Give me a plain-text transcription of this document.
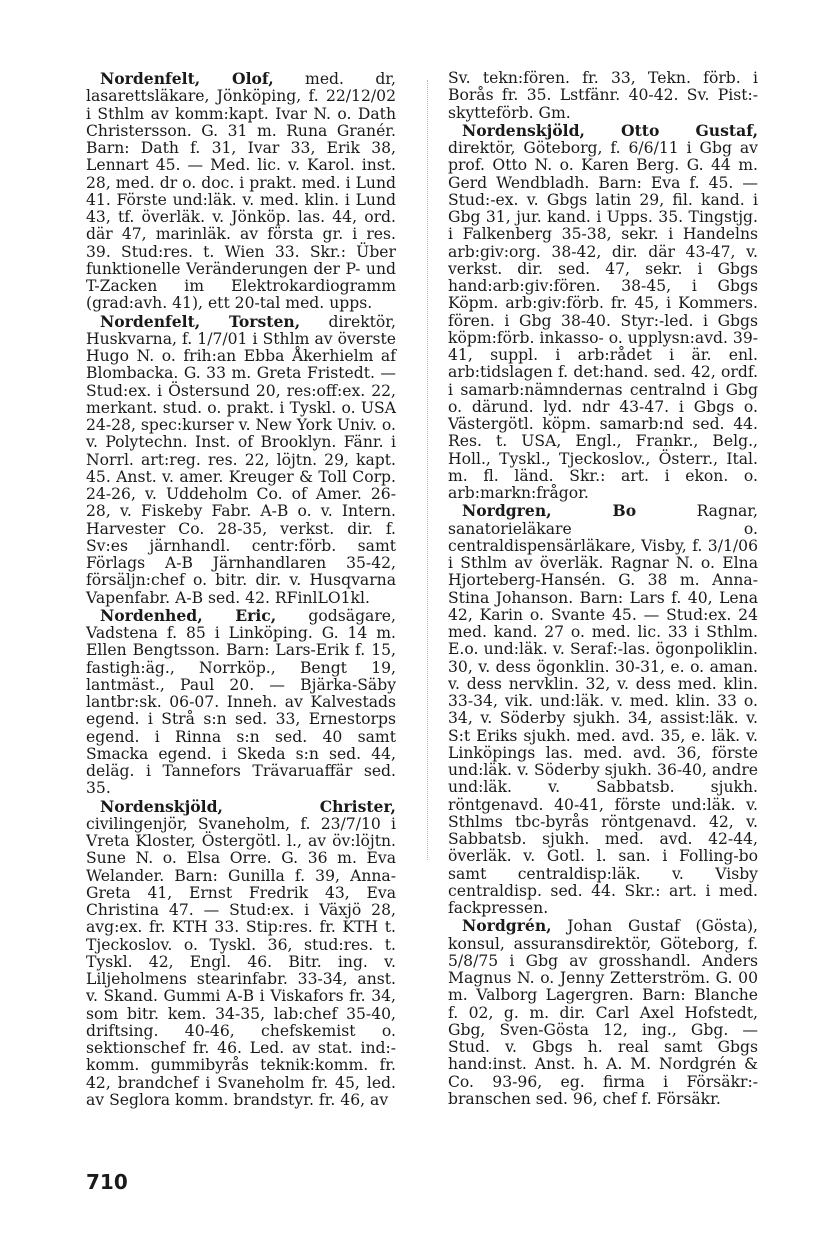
Nordenfelt, Olof, med. dr, lasarettsläkare, Jönköping, f. 22/12/02 i Sthlm av komm:kapt. Ivar N. o. Dath Christersson. G. 31 m. Runa Granér. Barn: Dath f. 31, Ivar 33, Erik 38, Lennart 45. — Med. lic. v. Karol. inst. 28, med. dr o. doc. i prakt. med. i Lund 41. Förste und:läk. v. med. klin. i Lund 43, tf. överläk. v. Jönköp. las. 44, ord. där 47, marinläk. av första gr. i res. 39. Stud:res. t. Wien 33. Skr.: Über funktionelle Veränderungen der P- und T-Zacken im Elektrokardiogramm (grad:avh. 41), ett 20-tal med. upps.

Nordenfelt, Torsten, direktör, Huskvarna, f. 1/7/01 i Sthlm av överste Hugo N. o. frih:an Ebba Åkerhielm af Blombacka. G. 33 m. Greta Fristedt. — Stud:ex. i Östersund 20, res:off:ex. 22, merkant. stud. o. prakt. i Tyskl. o. USA 24-28, spec:kurser v. New York Univ. o. v. Polytechn. Inst. of Brooklyn. Fänr. i Norrl. art:reg. res. 22, löjtn. 29, kapt. 45. Anst. v. amer. Kreuger & Toll Corp. 24-26, v. Uddeholm Co. of Amer. 26-28, v. Fiskeby Fabr. A-B o. v. Intern. Harvester Co. 28-35, verkst. dir. f. Sv:es järnhandl. centr:förb. samt Förlags A-B Järnhandlaren 35-42, försäljn:chef o. bitr. dir. v. Husqvarna Vapenfabr. A-B sed. 42. RFinlLO1kl.

Nordenhed, Eric, godsägare, Vadstena f. 85 i Linköping. G. 14 m. Ellen Bengtsson. Barn: Lars-Erik f. 15, fastigh:äg., Norrköp., Bengt 19, lantmäst., Paul 20. — Bjärka-Säby lantbr:sk. 06-07. Inneh. av Kalvestads egend. i Strå s:n sed. 33, Ernestorps egend. i Rinna s:n sed. 40 samt Smacka egend. i Skeda s:n sed. 44, deläg. i Tannefors Trävaruaffär sed. 35.

Nordenskjöld, Christer, civilingenjör, Svaneholm, f. 23/7/10 i Vreta Kloster, Östergötl. l., av öv:löjtn. Sune N. o. Elsa Orre. G. 36 m. Eva Welander. Barn: Gunilla f. 39, Anna-Greta 41, Ernst Fredrik 43, Eva Christina 47. — Stud:ex. i Växjö 28, avg:ex. fr. KTH 33. Stip:res. fr. KTH t. Tjeckoslov. o. Tyskl. 36, stud:res. t. Tyskl. 42, Engl. 46. Bitr. ing. v. Liljeholmens stearinfabr. 33-34, anst. v. Skand. Gummi A-B i Viskafors fr. 34, som bitr. kem. 34-35, lab:chef 35-40, driftsing. 40-46, chefskemist o. sektionschef fr. 46. Led. av stat. ind:-komm. gummibyrås teknik:komm. fr. 42, brandchef i Svaneholm fr. 45, led. av Seglora komm. brandstyr. fr. 46, av

Sv. tekn:fören. fr. 33, Tekn. förb. i Borås fr. 35. Lstfänr. 40-42. Sv. Pist:-skytteförb. Gm.

Nordenskjöld, Otto Gustaf, direktör, Göteborg, f. 6/6/11 i Gbg av prof. Otto N. o. Karen Berg. G. 44 m. Gerd Wendbladh. Barn: Eva f. 45. — Stud:-ex. v. Gbgs latin 29, fil. kand. i Gbg 31, jur. kand. i Upps. 35. Tingstjg. i Falkenberg 35-38, sekr. i Handelns arb:giv:org. 38-42, dir. där 43-47, v. verkst. dir. sed. 47, sekr. i Gbgs hand:arb:giv:fören. 38-45, i Gbgs Köpm. arb:giv:förb. fr. 45, i Kommers. fören. i Gbg 38-40. Styr:-led. i Gbgs köpm:förb. inkasso- o. upplysn:avd. 39-41, suppl. i arb:rådet i är. enl. arb:tidslagen f. det:hand. sed. 42, ordf. i samarb:nämndernas centralnd i Gbg o. därund. lyd. ndr 43-47. i Gbgs o. Västergötl. köpm. samarb:nd sed. 44. Res. t. USA, Engl., Frankr., Belg., Holl., Tyskl., Tjeckoslov., Österr., Ital. m. fl. länd. Skr.: art. i ekon. o. arb:markn:frågor.

Nordgren, Bo	Ragnar, sanatorieläkare o. centraldispensärläkare, Visby, f. 3/1/06 i Sthlm av överläk. Ragnar N. o. Elna Hjorteberg-Hansén. G. 38 m. Anna-Stina Johanson. Barn: Lars f. 40, Lena 42, Karin o. Svante 45. — Stud:ex. 24 med. kand. 27 o. med. lic. 33 i Sthlm. E.o. und:läk. v. Seraf:-las. ögonpoliklin. 30, v. dess ögonklin. 30-31, e. o. aman. v. dess nervklin. 32, v. dess med. klin. 33-34, vik. und:läk. v. med. klin. 33 o. 34, v. Söderby sjukh. 34, assist:läk. v. S:t Eriks sjukh. med. avd. 35, e. läk. v. Linköpings las. med. avd. 36, förste und:läk. v. Söderby sjukh. 36-40, andre und:läk. v. Sabbatsb. sjukh. röntgenavd. 40-41, förste und:läk. v. Sthlms tbc-byrås röntgenavd. 42, v. Sabbatsb. sjukh. med. avd. 42-44, överläk. v. Gotl. l. san. i Folling-bo samt centraldisp:läk. v. Visby centraldisp. sed. 44. Skr.: art. i med. fackpressen.

Nordgrén, Johan Gustaf (Gösta), konsul, assuransdirektör, Göteborg, f. 5/8/75 i Gbg av grosshandl. Anders Magnus N. o. Jenny Zetterström. G. 00 m. Valborg Lagergren. Barn: Blanche f. 02, g. m. dir. Carl Axel Hofstedt, Gbg, Sven-Gösta 12, ing., Gbg. — Stud. v. Gbgs h. real samt Gbgs hand:inst. Anst. h. A. M. Nordgrén & Co. 93-96, eg. firma i Försäkr:-branschen sed. 96, chef f. Försäkr.

710
